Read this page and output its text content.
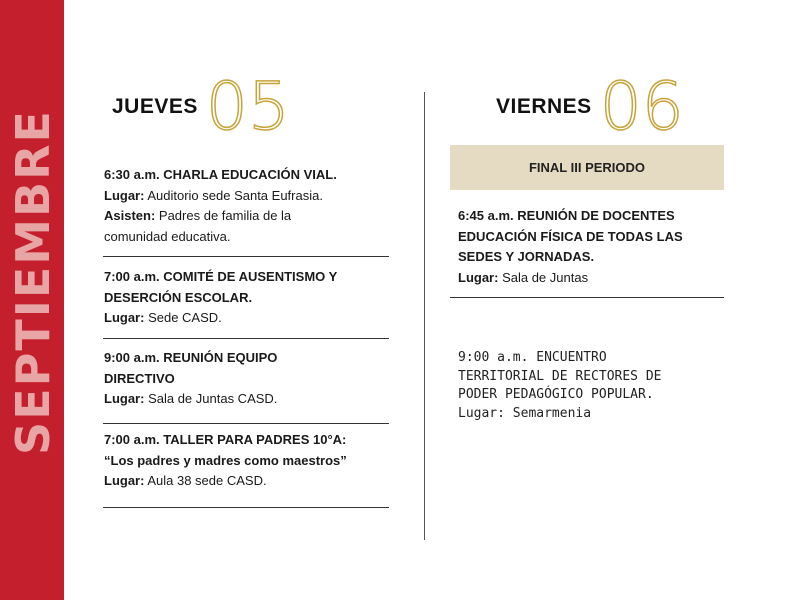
SEPTIEMBRE
JUEVES 05	VIERNES 06
6:30 a.m. CHARLA EDUCACIÓN VIAL.
Lugar: Auditorio sede Santa Eufrasia.
Asisten: Padres de familia de la
comunidad educativa.
7:00 a.m. COMITÉ DE AUSENTISMO Y
DESERCIÓN ESCOLAR.
Lugar: Sede CASD.
9:00 a.m. REUNIÓN EQUIPO
DIRECTIVO
Lugar: Sala de Juntas CASD.
7:00 a.m. TALLER PARA PADRES 10°A:
“Los padres y madres como maestros”
Lugar: Aula 38 sede CASD.
FINAL III PERIODO
6:45 a.m. REUNIÓN DE DOCENTES
EDUCACIÓN FÍSICA DE TODAS LAS
SEDES Y JORNADAS.
Lugar: Sala de Juntas
9:00 a.m. ENCUENTRO
TERRITORIAL DE RECTORES DE
PODER PEDAGÓGICO POPULAR.
Lugar: Semarmenia
